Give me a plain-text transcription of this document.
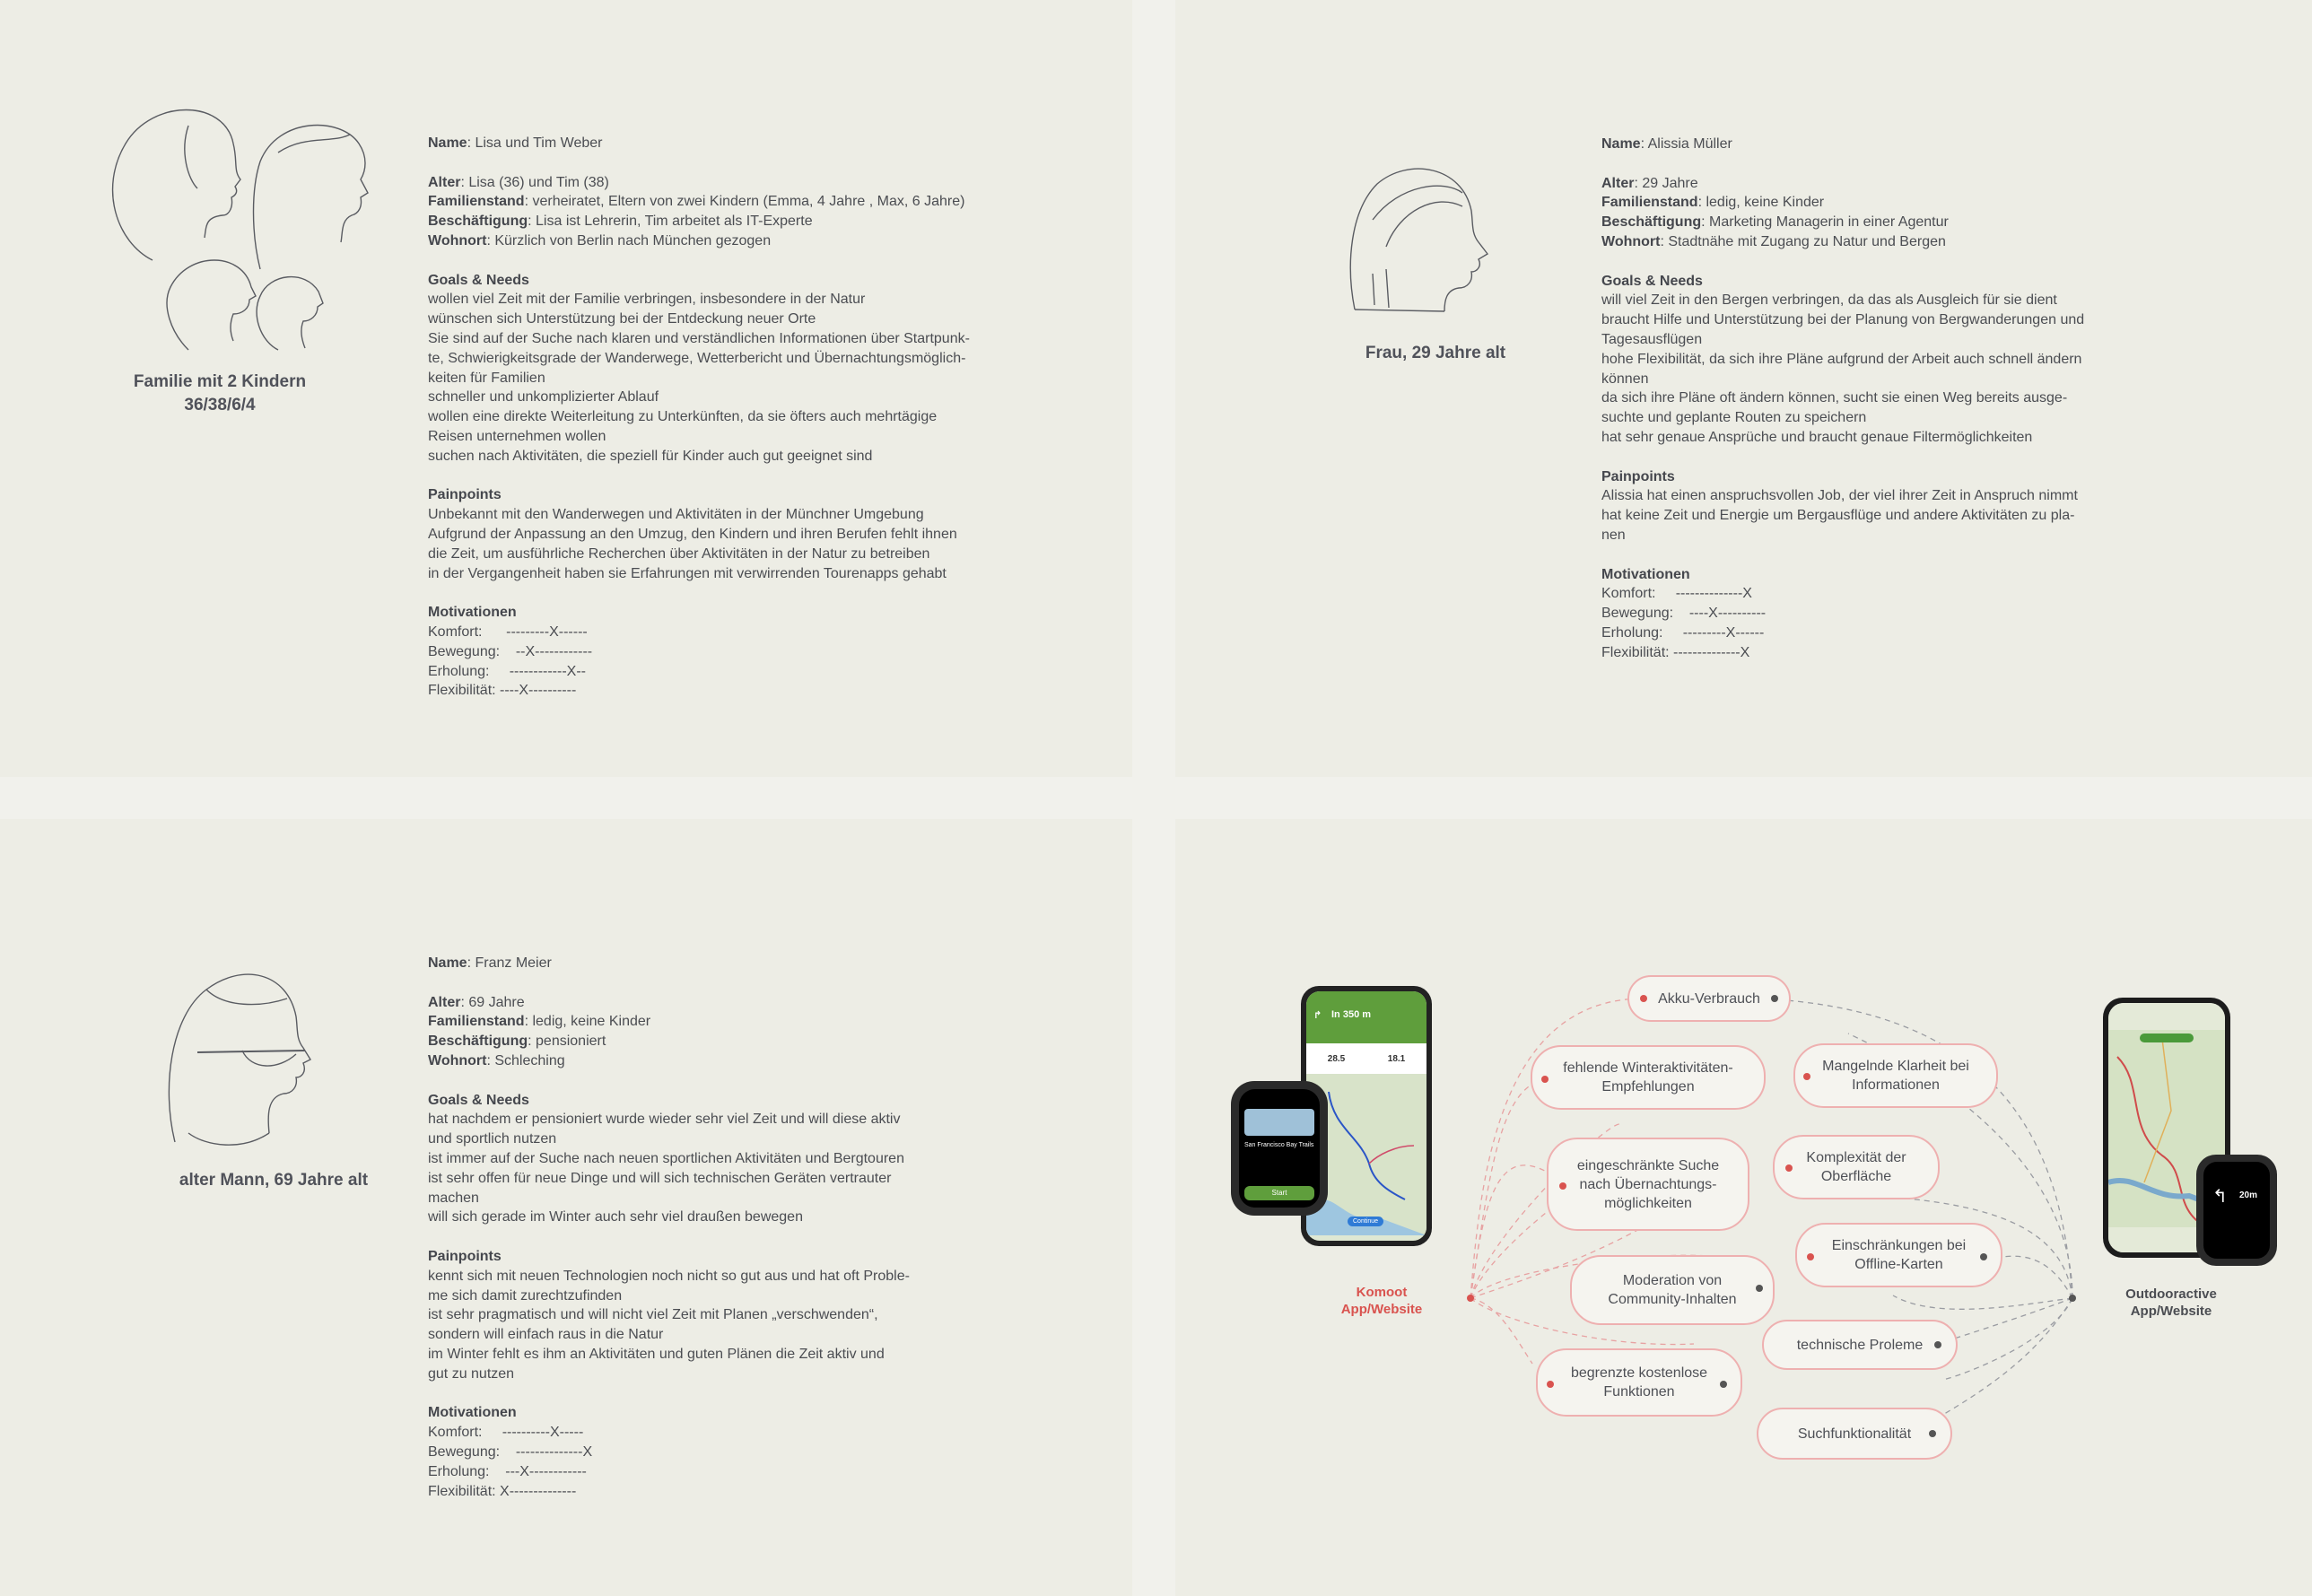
Familie mit 2 Kindern
36/38/6/4
Name: Lisa und Tim Weber
Alter: Lisa (36) und Tim (38)
Familienstand: verheiratet, Eltern von zwei Kindern (Emma, 4 Jahre , Max, 6 Jahre)
Beschäftigung: Lisa ist Lehrerin, Tim arbeitet als IT-Experte
Wohnort: Kürzlich von Berlin nach München gezogen
Goals & Needs
wollen viel Zeit mit der Familie verbringen, insbesondere in der Natur
wünschen sich Unterstützung bei der Entdeckung neuer Orte
Sie sind auf der Suche nach klaren und verständlichen Informationen über Startpunk-
te, Schwierigkeitsgrade der Wanderwege, Wetterbericht und Übernachtungsmöglich-
keiten für Familien
schneller und unkomplizierter Ablauf
wollen eine direkte Weiterleitung zu Unterkünften, da sie öfters auch mehrtägige
Reisen unternehmen wollen
suchen nach Aktivitäten, die speziell für Kinder auch gut geeignet sind
Painpoints
Unbekannt mit den Wanderwegen und Aktivitäten in der Münchner Umgebung
Aufgrund der Anpassung an den Umzug, den Kindern und ihren Berufen fehlt ihnen
die Zeit, um ausführliche Recherchen über Aktivitäten in der Natur zu betreiben
in der Vergangenheit haben sie Erfahrungen mit verwirrenden Tourenapps gehabt
Motivationen
Komfort:      ---------X------
Bewegung:    --X------------
Erholung:     ------------X--
Flexibilität: ----X----------
Frau, 29 Jahre alt
Name: Alissia Müller
Alter: 29 Jahre
Familienstand: ledig, keine Kinder
Beschäftigung: Marketing Managerin in einer Agentur
Wohnort: Stadtnähe mit Zugang zu Natur und Bergen
Goals & Needs
will viel Zeit in den Bergen verbringen, da das als Ausgleich für sie dient
braucht Hilfe und Unterstützung bei der Planung von Bergwanderungen und
Tagesausflügen
hohe Flexibilität, da sich ihre Pläne aufgrund der Arbeit auch schnell ändern
können
da sich ihre Pläne oft ändern können, sucht sie einen Weg bereits ausge-
suchte und geplante Routen zu speichern
hat sehr genaue Ansprüche und braucht genaue Filtermöglichkeiten
Painpoints
Alissia hat einen anspruchsvollen Job, der viel ihrer Zeit in Anspruch nimmt
hat keine Zeit und Energie um Bergausflüge und andere Aktivitäten zu pla-
nen
Motivationen
Komfort:     --------------X
Bewegung:    ----X----------
Erholung:     ---------X------
Flexibilität: --------------X
alter Mann, 69 Jahre alt
Name: Franz Meier
Alter: 69 Jahre
Familienstand: ledig, keine Kinder
Beschäftigung: pensioniert
Wohnort: Schleching
Goals & Needs
hat nachdem er pensioniert wurde wieder sehr viel Zeit und will diese aktiv
und sportlich nutzen
ist immer auf der Suche nach neuen sportlichen Aktivitäten und Bergtouren
ist sehr offen für neue Dinge und will sich technischen Geräten vertrauter
machen
will sich gerade im Winter auch sehr viel draußen bewegen
Painpoints
kennt sich mit neuen Technologien noch nicht so gut aus und hat oft Proble-
me sich damit zurechtzufinden
ist sehr pragmatisch und will nicht viel Zeit mit Planen „verschwenden“,
sondern will einfach raus in die Natur
im Winter fehlt es ihm an Aktivitäten und guten Plänen die Zeit aktiv und
gut zu nutzen
Motivationen
Komfort:     ----------X-----
Bewegung:    --------------X
Erholung:    ---X------------
Flexibilität: X--------------
↱ In 350 m
28.5	18.1
Continue
San Francisco Bay Trails
Start
Komoot
App/Website
↰ 20m
Outdooractive
App/Website
Akku-Verbrauch
fehlende Winteraktivitäten-
Empfehlungen
Mangelnde Klarheit bei
Informationen
eingeschränkte Suche
nach Übernachtungs-
möglichkeiten
Komplexität der
Oberfläche
Einschränkungen bei
Offline-Karten
Moderation von
Community-Inhalten
technische Proleme
begrenzte kostenlose
Funktionen
Suchfunktionalität
